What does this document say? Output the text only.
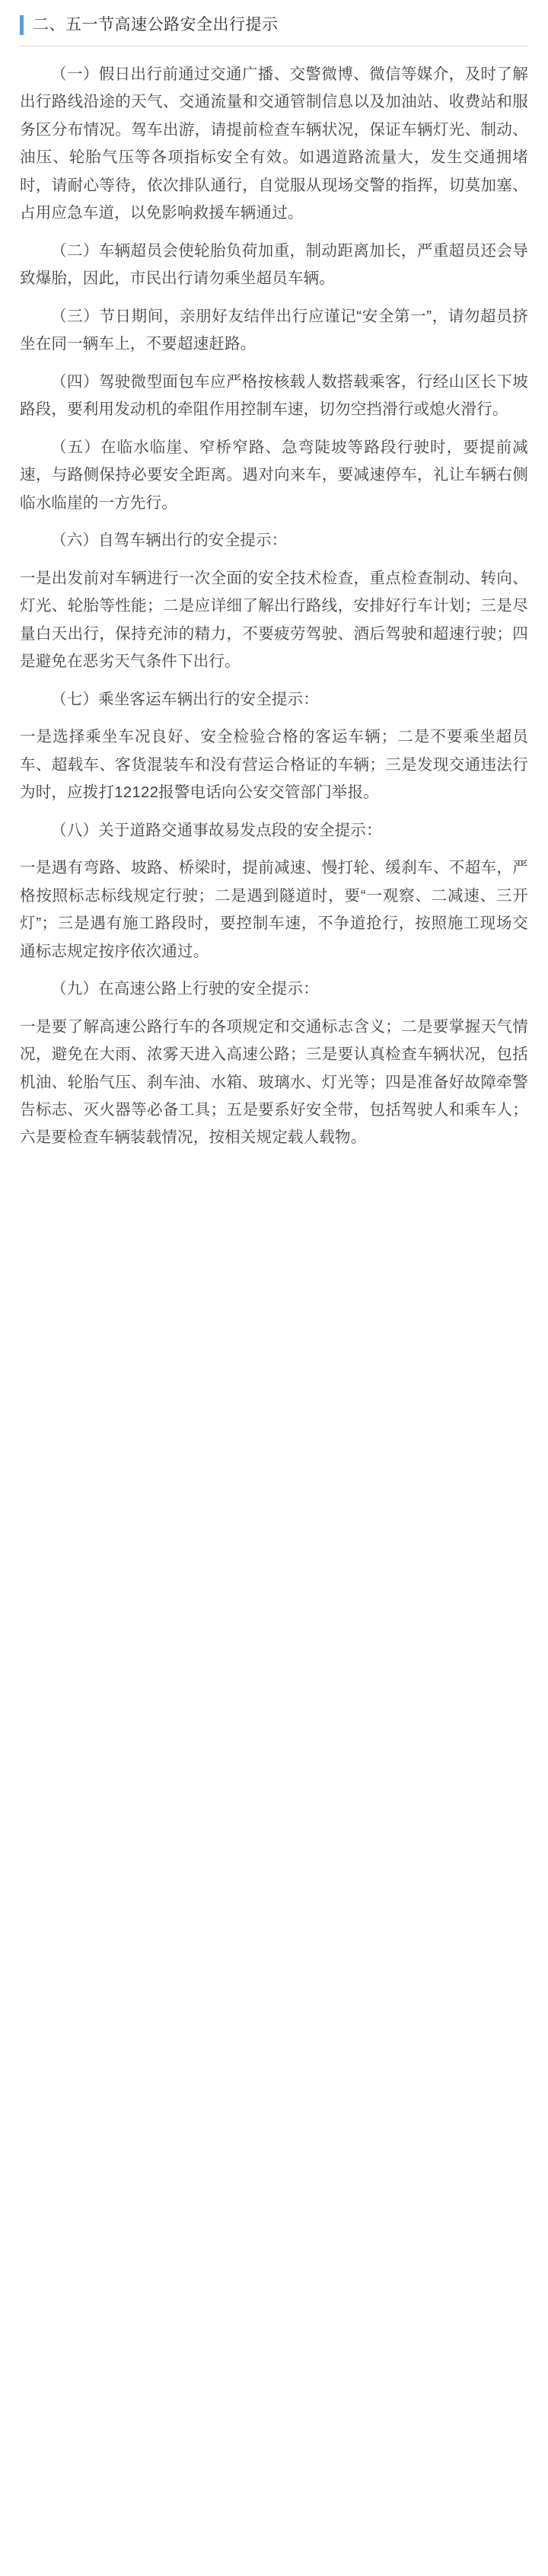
二、五一节高速公路安全出行提示

（一）假日出行前通过交通广播、交警微博、微信等媒介，及时了解出行路线沿途的天气、交通流量和交通管制信息以及加油站、收费站和服务区分布情况。驾车出游，请提前检查车辆状况，保证车辆灯光、制动、油压、轮胎气压等各项指标安全有效。如遇道路流量大，发生交通拥堵时，请耐心等待，依次排队通行，自觉服从现场交警的指挥，切莫加塞、占用应急车道，以免影响救援车辆通过。

（二）车辆超员会使轮胎负荷加重，制动距离加长，严重超员还会导致爆胎，因此，市民出行请勿乘坐超员车辆。

（三）节日期间，亲朋好友结伴出行应谨记“安全第一”，请勿超员挤坐在同一辆车上，不要超速赶路。

（四）驾驶微型面包车应严格按核载人数搭载乘客，行经山区长下坡路段，要利用发动机的牵阻作用控制车速，切勿空挡滑行或熄火滑行。

（五）在临水临崖、窄桥窄路、急弯陡坡等路段行驶时，要提前减速，与路侧保持必要安全距离。遇对向来车，要减速停车，礼让车辆右侧临水临崖的一方先行。

（六）自驾车辆出行的安全提示：

一是出发前对车辆进行一次全面的安全技术检查，重点检查制动、转向、灯光、轮胎等性能；二是应详细了解出行路线，安排好行车计划；三是尽量白天出行，保持充沛的精力，不要疲劳驾驶、酒后驾驶和超速行驶；四是避免在恶劣天气条件下出行。

（七）乘坐客运车辆出行的安全提示：

一是选择乘坐车况良好、安全检验合格的客运车辆；二是不要乘坐超员车、超载车、客货混装车和没有营运合格证的车辆；三是发现交通违法行为时，应拨打12122报警电话向公安交管部门举报。

（八）关于道路交通事故易发点段的安全提示：

一是遇有弯路、坡路、桥梁时，提前减速、慢打轮、缓刹车、不超车，严格按照标志标线规定行驶；二是遇到隧道时，要“一观察、二减速、三开灯”；三是遇有施工路段时，要控制车速，不争道抢行，按照施工现场交通标志规定按序依次通过。

（九）在高速公路上行驶的安全提示：

一是要了解高速公路行车的各项规定和交通标志含义；二是要掌握天气情况，避免在大雨、浓雾天进入高速公路；三是要认真检查车辆状况，包括机油、轮胎气压、刹车油、水箱、玻璃水、灯光等；四是准备好故障牵警告标志、灭火器等必备工具；五是要系好安全带，包括驾驶人和乘车人；六是要检查车辆装载情况，按相关规定载人载物。
